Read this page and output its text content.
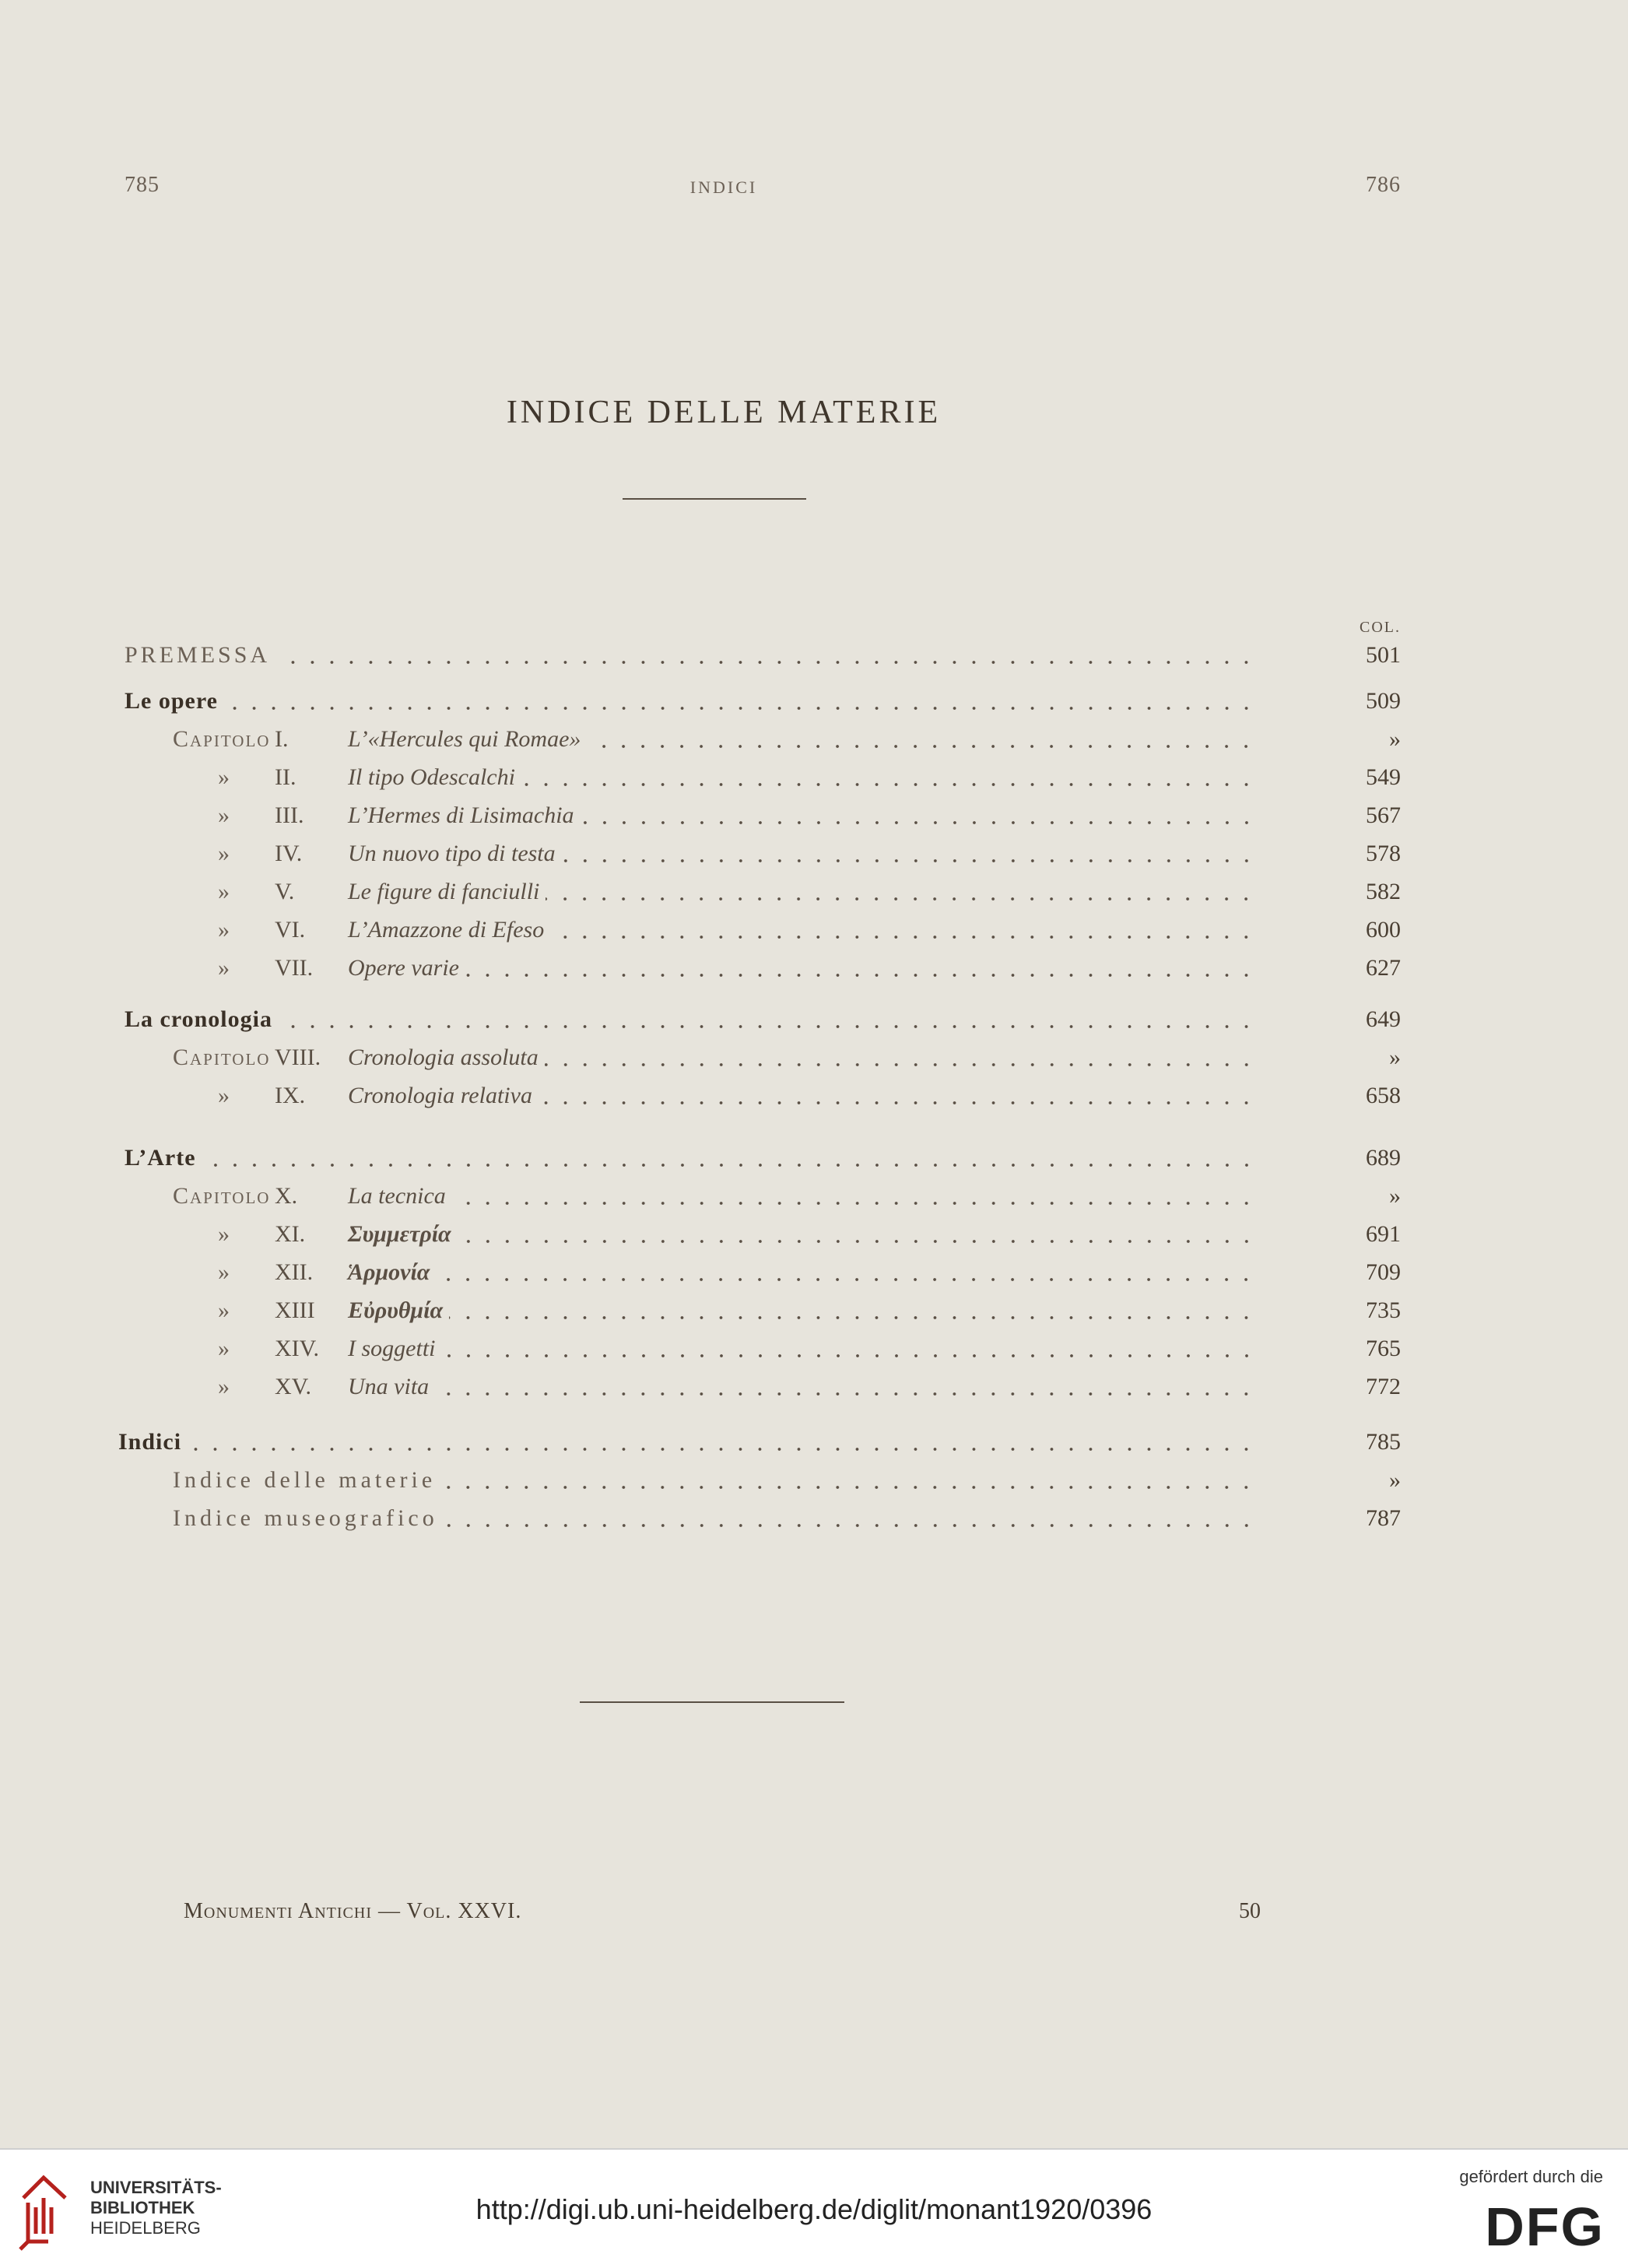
785	INDICI	786
INDICE DELLE MATERIE
COL.
PREMESSA	501
Le opere	509
Capitolo I.	L’«Hercules qui Romae»	»
» II. Il tipo Odescalchi	549
» III. L’Hermes di Lisimachia	567
» IV. Un nuovo tipo di testa	578
» V. Le figure di fanciulli	582
» VI. L’Amazzone di Efeso	600
» VII. Opere varie	627
La cronologia	649
Capitolo VIII. Cronologia assoluta	»
» IX. Cronologia relativa	658
L’Arte	689
Capitolo X. La tecnica	»
» XI. Συμμετρία	691
» XII. Ἁρμονία	709
» XIII Εὐρυθμία	735
» XIV. I soggetti	765
» XV. Una vita	772
Indici	785
Indice delle materie	»
Indice museografico	787
Monumenti Antichi — Vol. XXVI.	50
UNIVERSITÄTS-
BIBLIOTHEK
HEIDELBERG
http://digi.ub.uni-heidelberg.de/diglit/monant1920/0396
gefördert durch die
DFG
